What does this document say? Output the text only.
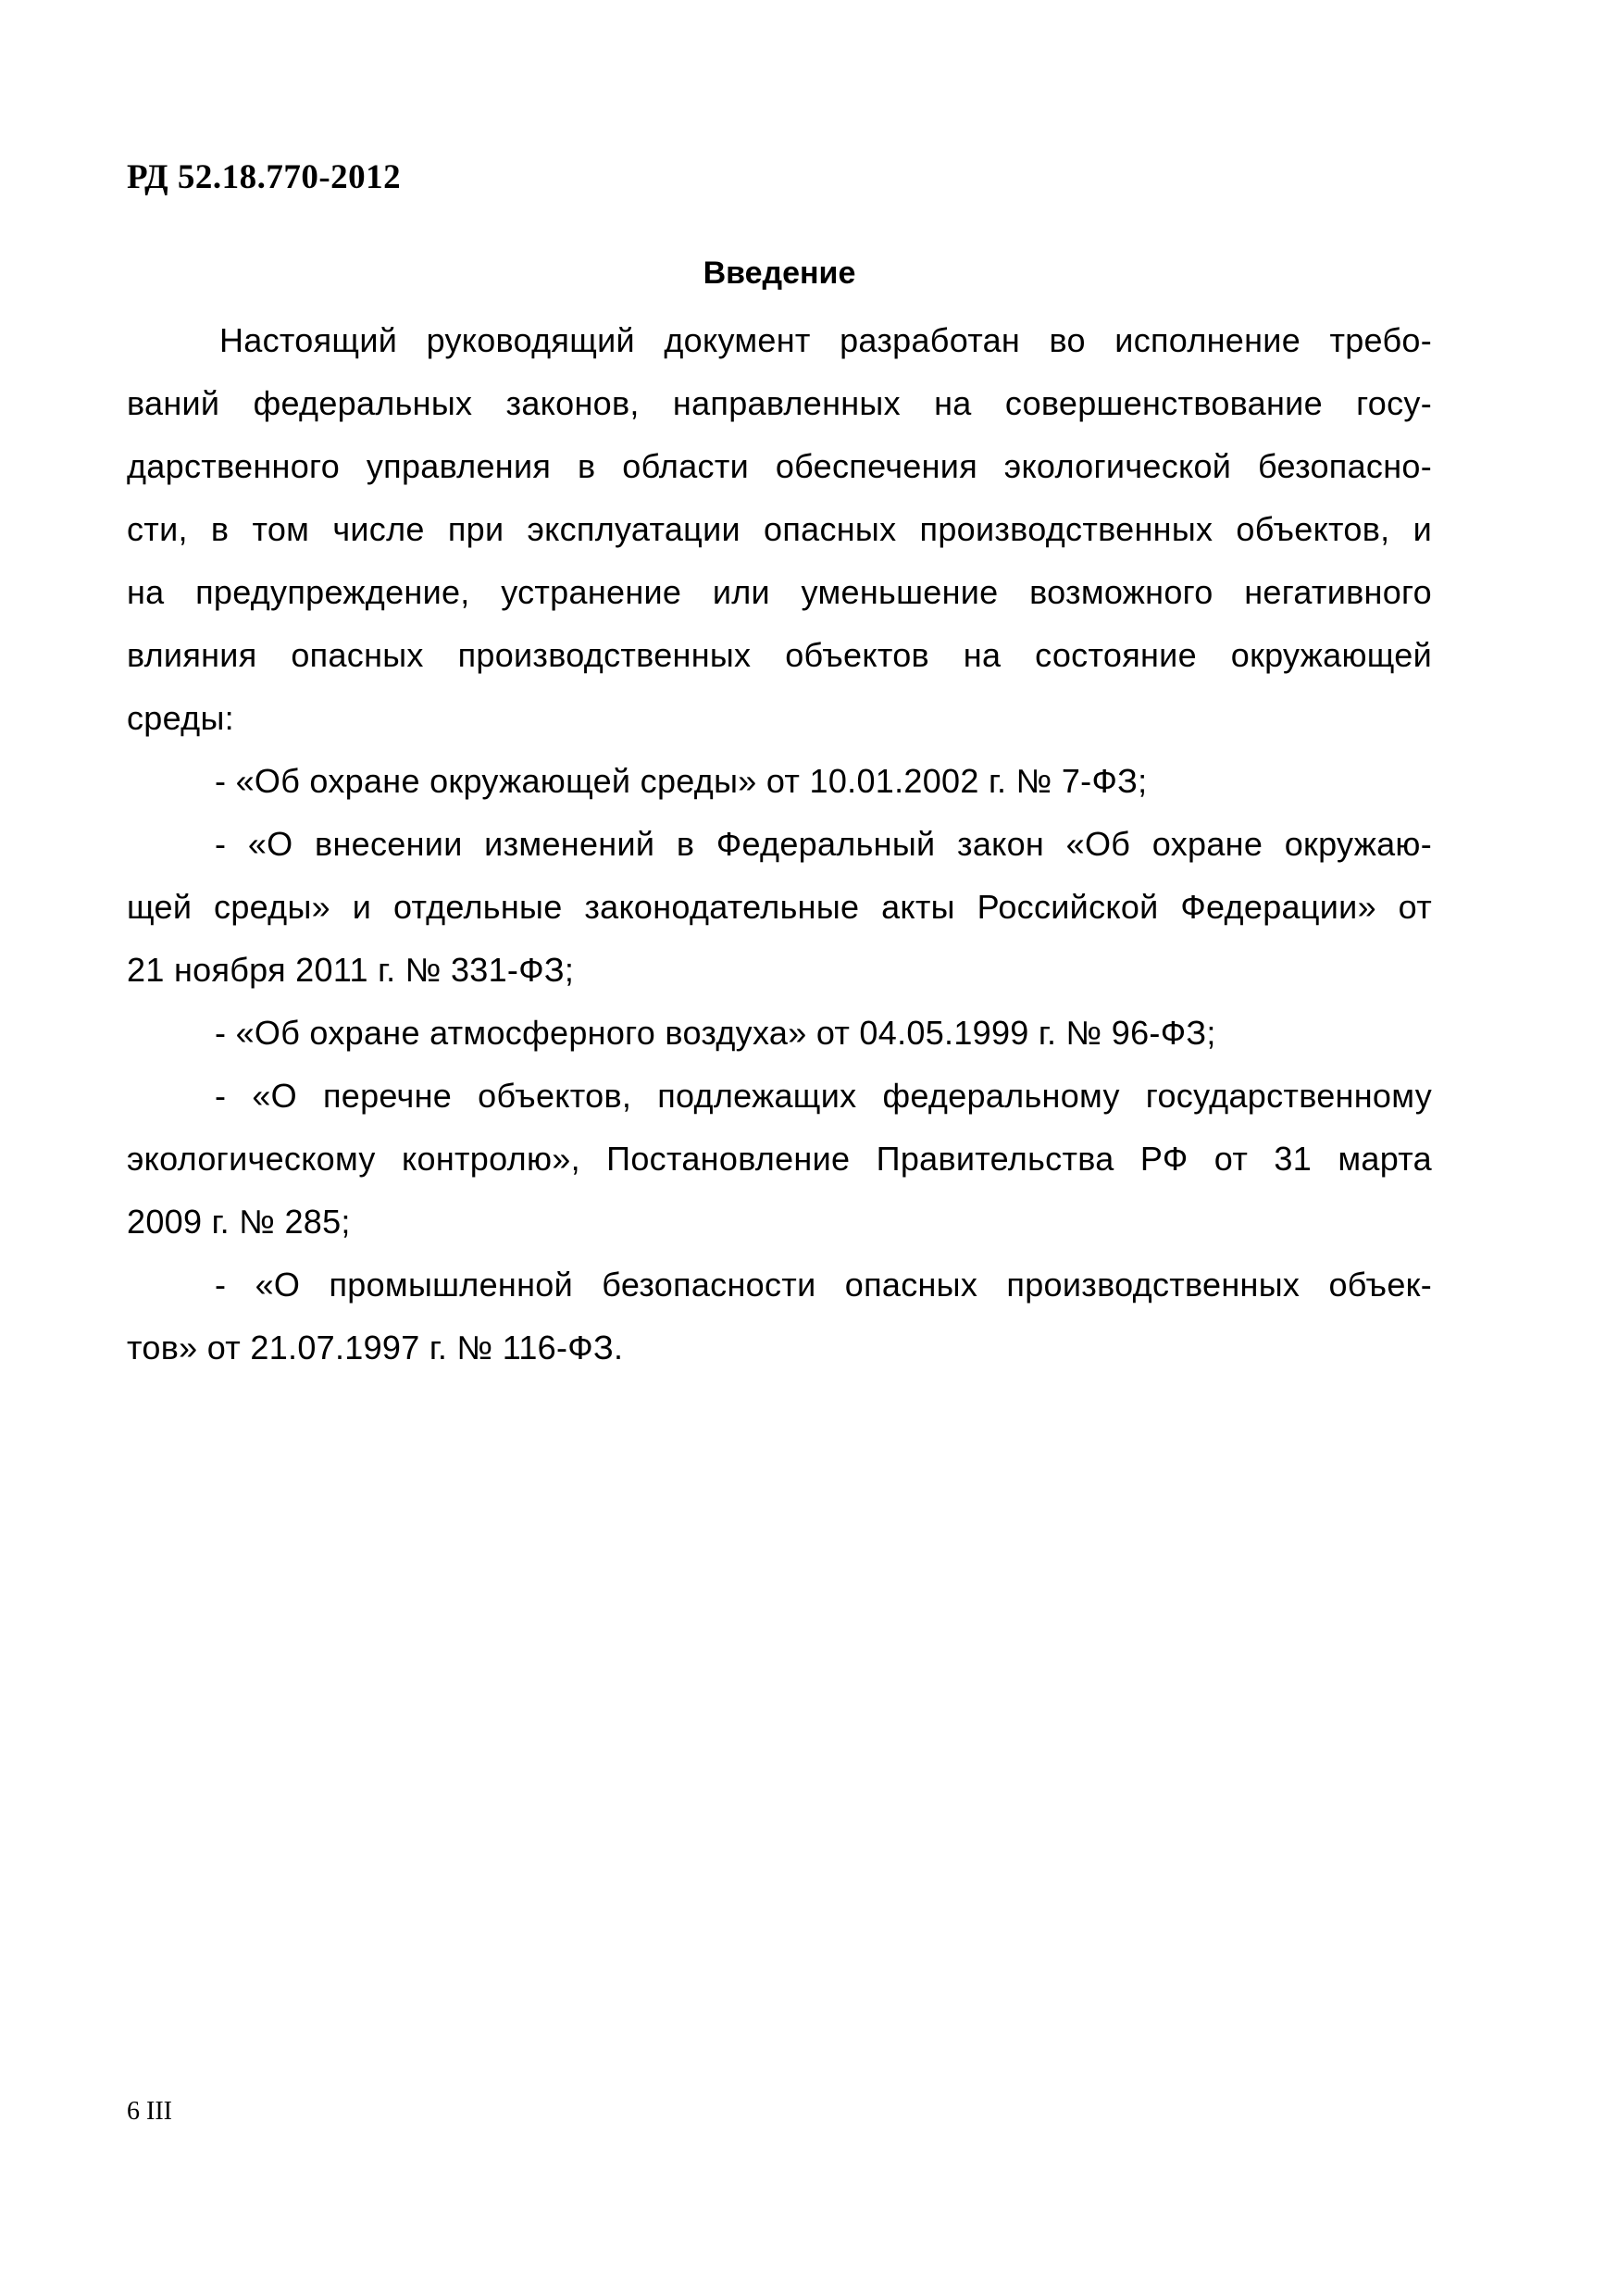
РД 52.18.770-2012
Введение
Настоящий руководящий документ разработан во исполнение требо-
ваний федеральных законов, направленных на совершенствование госу-
дарственного управления в области обеспечения экологической безопасно-
сти, в том числе при эксплуатации опасных производственных объектов, и
на предупреждение, устранение или уменьшение возможного негативного
влияния опасных производственных объектов на состояние окружающей
среды:
- «Об охране окружающей среды» от 10.01.2002 г. № 7-ФЗ;
- «О внесении изменений в Федеральный закон «Об охране окружаю-
щей среды» и отдельные законодательные акты Российской Федерации» от
21 ноября 2011 г. № 331-ФЗ;
- «Об охране атмосферного воздуха» от 04.05.1999 г. № 96-ФЗ;
- «О перечне объектов, подлежащих федеральному государственному
экологическому контролю», Постановление Правительства РФ от 31 марта
2009 г. № 285;
- «О промышленной безопасности опасных производственных объек-
тов» от 21.07.1997 г. № 116-ФЗ.
6 III
